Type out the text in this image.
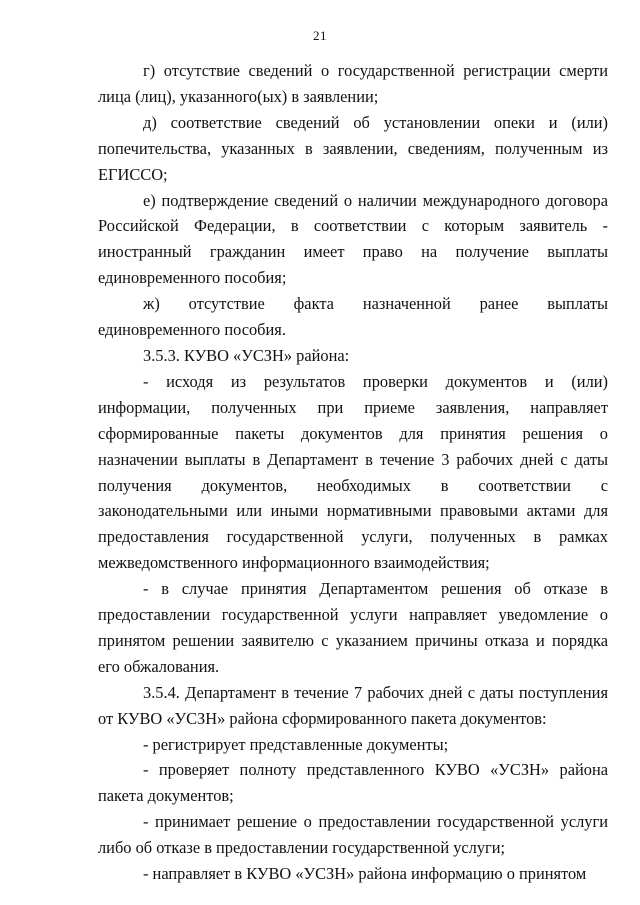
21

г) отсутствие сведений о государственной регистрации смерти лица (лиц), указанного(ых) в заявлении;

д) соответствие сведений об установлении опеки и (или) попечительства, указанных в заявлении, сведениям, полученным из ЕГИССО;

е) подтверждение сведений о наличии международного договора Российской Федерации, в соответствии с которым заявитель - иностранный гражданин имеет право на получение выплаты единовременного пособия;

ж) отсутствие факта назначенной ранее выплаты единовременного пособия.

3.5.3. КУВО «УСЗН» района:

- исходя из результатов проверки документов и (или) информации, полученных при приеме заявления, направляет сформированные пакеты документов для принятия решения о назначении выплаты в Департамент в течение 3 рабочих дней с даты получения документов, необходимых в соответствии с законодательными или иными нормативными правовыми актами для предоставления государственной услуги, полученных в рамках межведомственного информационного взаимодействия;

- в случае принятия Департаментом решения об отказе в предоставлении государственной услуги направляет уведомление о принятом решении заявителю с указанием причины отказа и порядка его обжалования.

3.5.4. Департамент в течение 7 рабочих дней с даты поступления от КУВО «УСЗН» района сформированного пакета документов:

- регистрирует представленные документы;

- проверяет полноту представленного КУВО «УСЗН» района пакета документов;

- принимает решение о предоставлении государственной услуги либо об отказе в предоставлении государственной услуги;

- направляет в КУВО «УСЗН» района информацию о принятом
